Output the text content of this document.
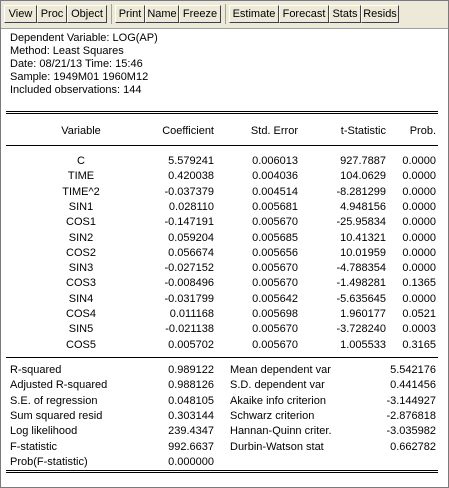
View Proc Object	Print Name Freeze	Estimate Forecast Stats Resids
Dependent Variable: LOG(AP)
Method: Least Squares
Date: 08/21/13 Time: 15:46
Sample: 1949M01 1960M12
Included observations: 144
Variable	Coefficient	Std. Error	t-Statistic	Prob.
C	5.579241	0.006013	927.7887	0.0000
TIME	0.420038	0.004036	104.0629	0.0000
TIME^2	-0.037379	0.004514	-8.281299	0.0000
SIN1	0.028110	0.005681	4.948156	0.0000
COS1	-0.147191	0.005670	-25.95834	0.0000
SIN2	0.059204	0.005685	10.41321	0.0000
COS2	0.056674	0.005656	10.01959	0.0000
SIN3	-0.027152	0.005670	-4.788354	0.0000
COS3	-0.008496	0.005670	-1.498281	0.1365
SIN4	-0.031799	0.005642	-5.635645	0.0000
COS4	0.011168	0.005698	1.960177	0.0521
SIN5	-0.021138	0.005670	-3.728240	0.0003
COS5	0.005702	0.005670	1.005533	0.3165
R-squared	0.989122
Adjusted R-squared	0.988126
S.E. of regression	0.048105
Sum squared resid	0.303144
Log likelihood	239.4347
F-statistic	992.6637
Prob(F-statistic)	0.000000
Mean dependent var	5.542176
S.D. dependent var	0.441456
Akaike info criterion	-3.144927
Schwarz criterion	-2.876818
Hannan-Quinn criter.	-3.035982
Durbin-Watson stat	0.662782
